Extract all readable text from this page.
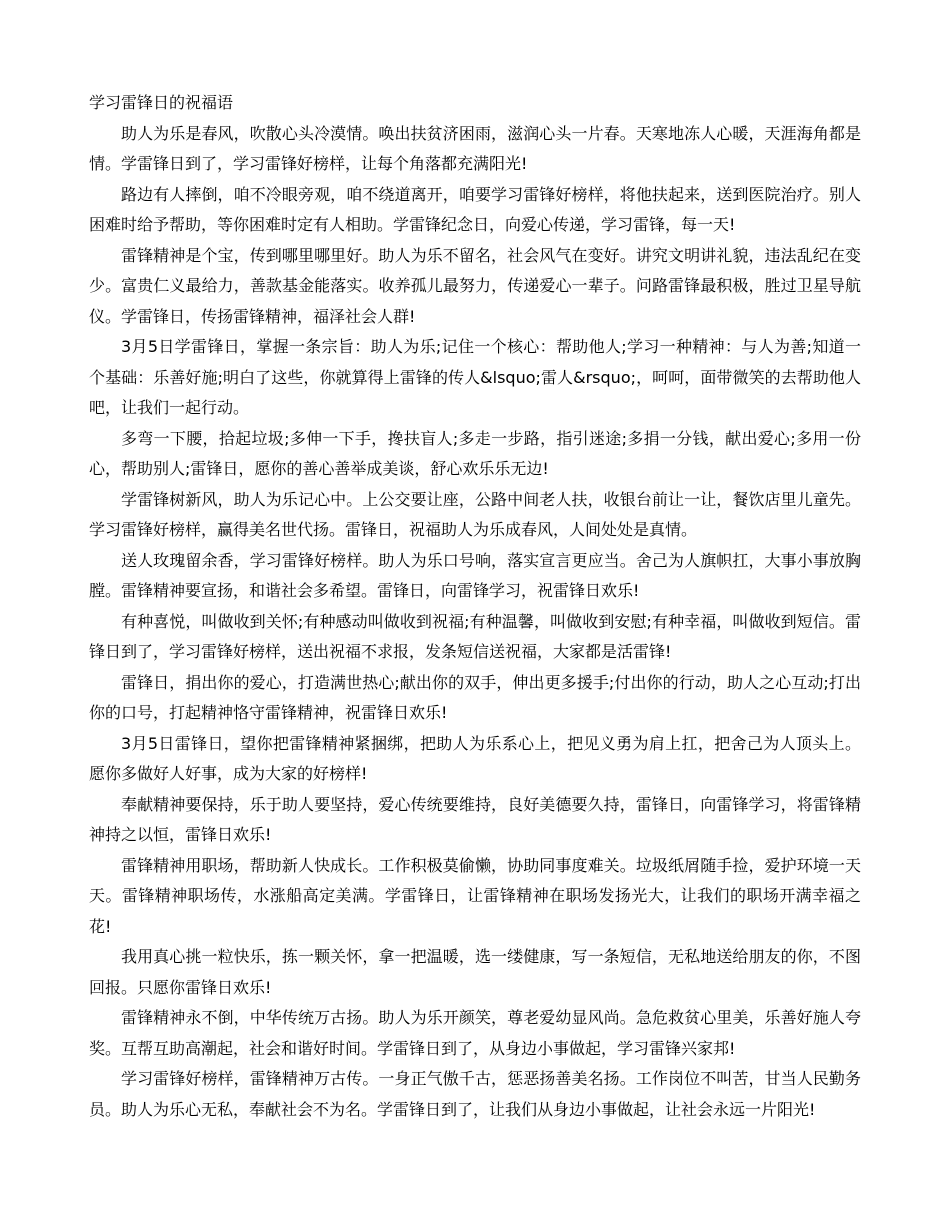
学习雷锋日的祝福语

助人为乐是春风，吹散心头冷漠情。唤出扶贫济困雨，滋润心头一片春。天寒地冻人心暖，天涯海角都是情。学雷锋日到了，学习雷锋好榜样，让每个角落都充满阳光!

路边有人摔倒，咱不冷眼旁观，咱不绕道离开，咱要学习雷锋好榜样，将他扶起来，送到医院治疗。别人困难时给予帮助，等你困难时定有人相助。学雷锋纪念日，向爱心传递，学习雷锋，每一天!

雷锋精神是个宝，传到哪里哪里好。助人为乐不留名，社会风气在变好。讲究文明讲礼貌，违法乱纪在变少。富贵仁义最给力，善款基金能落实。收养孤儿最努力，传递爱心一辈子。问路雷锋最积极，胜过卫星导航仪。学雷锋日，传扬雷锋精神，福泽社会人群!

3月5日学雷锋日，掌握一条宗旨：助人为乐;记住一个核心：帮助他人;学习一种精神：与人为善;知道一个基础：乐善好施;明白了这些，你就算得上雷锋的传人&lsquo;雷人&rsquo;，呵呵，面带微笑的去帮助他人吧，让我们一起行动。

多弯一下腰，拾起垃圾;多伸一下手，搀扶盲人;多走一步路，指引迷途;多捐一分钱，献出爱心;多用一份心，帮助别人;雷锋日，愿你的善心善举成美谈，舒心欢乐乐无边!

学雷锋树新风，助人为乐记心中。上公交要让座，公路中间老人扶，收银台前让一让，餐饮店里儿童先。学习雷锋好榜样，赢得美名世代扬。雷锋日，祝福助人为乐成春风，人间处处是真情。

送人玫瑰留余香，学习雷锋好榜样。助人为乐口号响，落实宣言更应当。舍己为人旗帜扛，大事小事放胸膛。雷锋精神要宣扬，和谐社会多希望。雷锋日，向雷锋学习，祝雷锋日欢乐!

有种喜悦，叫做收到关怀;有种感动叫做收到祝福;有种温馨，叫做收到安慰;有种幸福，叫做收到短信。雷锋日到了，学习雷锋好榜样，送出祝福不求报，发条短信送祝福，大家都是活雷锋!

雷锋日，捐出你的爱心，打造满世热心;献出你的双手，伸出更多援手;付出你的行动，助人之心互动;打出你的口号，打起精神恪守雷锋精神，祝雷锋日欢乐!

3月5日雷锋日，望你把雷锋精神紧捆绑，把助人为乐系心上，把见义勇为肩上扛，把舍己为人顶头上。愿你多做好人好事，成为大家的好榜样!

奉献精神要保持，乐于助人要坚持，爱心传统要维持，良好美德要久持，雷锋日，向雷锋学习，将雷锋精神持之以恒，雷锋日欢乐!

雷锋精神用职场，帮助新人快成长。工作积极莫偷懒，协助同事度难关。垃圾纸屑随手捡，爱护环境一天天。雷锋精神职场传，水涨船高定美满。学雷锋日，让雷锋精神在职场发扬光大，让我们的职场开满幸福之花!

我用真心挑一粒快乐，拣一颗关怀，拿一把温暖，选一缕健康，写一条短信，无私地送给朋友的你，不图回报。只愿你雷锋日欢乐!

雷锋精神永不倒，中华传统万古扬。助人为乐开颜笑，尊老爱幼显风尚。急危救贫心里美，乐善好施人夸奖。互帮互助高潮起，社会和谐好时间。学雷锋日到了，从身边小事做起，学习雷锋兴家邦!

学习雷锋好榜样，雷锋精神万古传。一身正气傲千古，惩恶扬善美名扬。工作岗位不叫苦，甘当人民勤务员。助人为乐心无私，奉献社会不为名。学雷锋日到了，让我们从身边小事做起，让社会永远一片阳光!
